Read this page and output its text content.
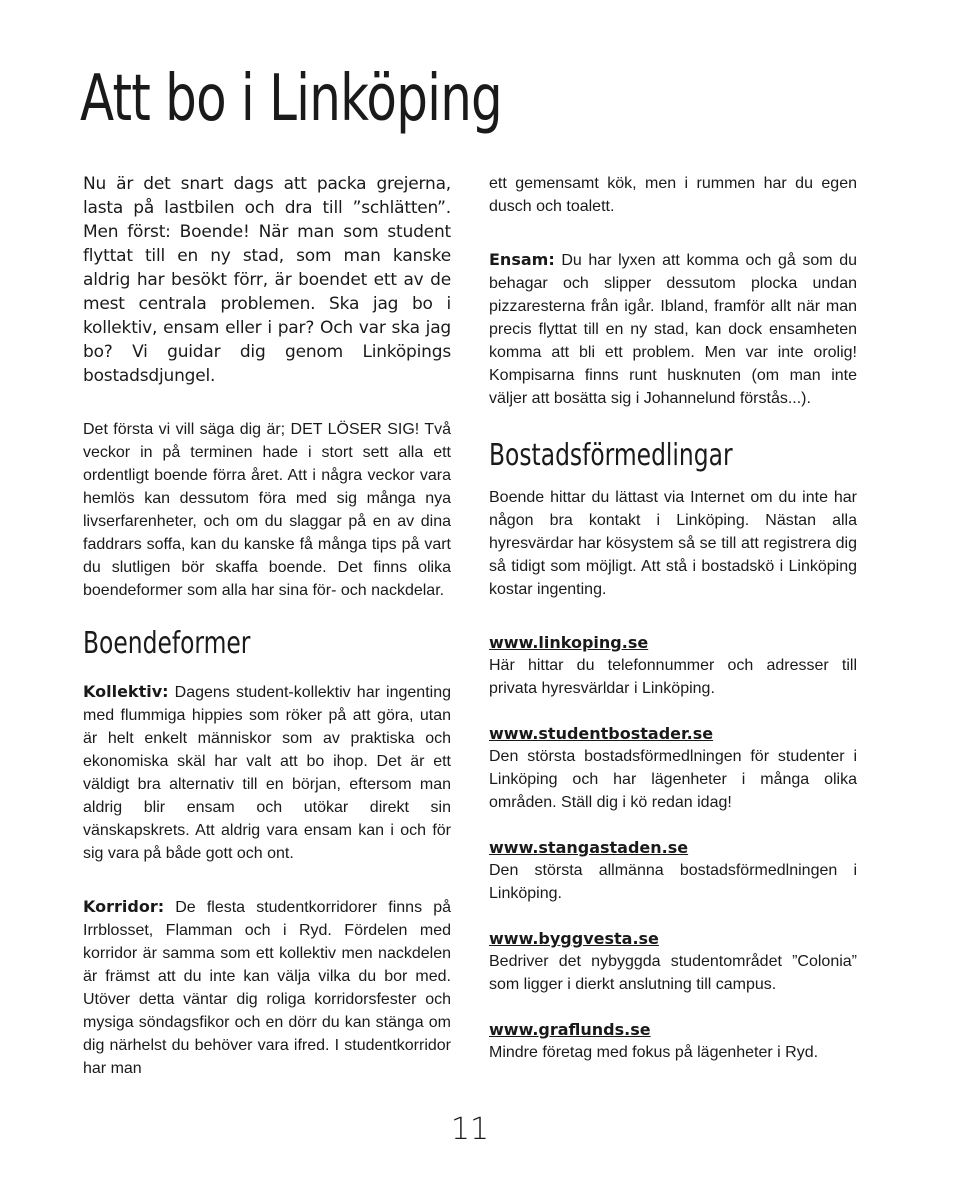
Att bo i Linköping

Nu är det snart dags att packa grejerna, lasta på lastbilen och dra till ”schlätten”. Men först: Boende! När man som student flyttat till en ny stad, som man kanske aldrig har besökt förr, är boendet ett av de mest centrala problemen. Ska jag bo i kollektiv, ensam eller i par? Och var ska jag bo? Vi guidar dig genom Linköpings bostadsdjungel.

Det första vi vill säga dig är; DET LÖSER SIG! Två veckor in på terminen hade i stort sett alla ett ordentligt boende förra året. Att i några veckor vara hemlös kan dessutom föra med sig många nya livserfarenheter, och om du slaggar på en av dina faddrars soffa, kan du kanske få många tips på vart du slutligen bör skaffa boende. Det finns olika boendeformer som alla har sina för- och nackdelar.

Boendeformer

Kollektiv: Dagens student-kollektiv har ingenting med flummiga hippies som röker på att göra, utan är helt enkelt människor som av praktiska och ekonomiska skäl har valt att bo ihop. Det är ett väldigt bra alternativ till en början, eftersom man aldrig blir ensam och utökar direkt sin vänskapskrets. Att aldrig vara ensam kan i och för sig vara på både gott och ont.

Korridor: De flesta studentkorridorer finns på Irrblosset, Flamman och i Ryd. Fördelen med korridor är samma som ett kollektiv men nackdelen är främst att du inte kan välja vilka du bor med. Utöver detta väntar dig roliga korridorsfester och mysiga söndagsfikor och en dörr du kan stänga om dig närhelst du behöver vara ifred. I studentkorridor har man

ett gemensamt kök, men i rummen har du egen dusch och toalett.

Ensam: Du har lyxen att komma och gå som du behagar och slipper dessutom plocka undan pizzaresterna från igår. Ibland, framför allt när man precis flyttat till en ny stad, kan dock ensamheten komma att bli ett problem. Men var inte orolig! Kompisarna finns runt husknuten (om man inte väljer att bosätta sig i Johannelund förstås...).

Bostadsförmedlingar

Boende hittar du lättast via Internet om du inte har någon bra kontakt i Linköping. Nästan alla hyresvärdar har kösystem så se till att registrera dig så tidigt som möjligt. Att stå i bostadskö i Linköping kostar ingenting.

www.linkoping.se

Här hittar du telefonnummer och adresser till privata hyresvärldar i Linköping.

www.studentbostader.se

Den största bostadsförmedlningen för studenter i Linköping och har lägenheter i många olika områden. Ställ dig i kö redan idag!

www.stangastaden.se

Den största allmänna bostadsförmedlningen i Linköping.

www.byggvesta.se

Bedriver det nybyggda studentområdet ”Colonia” som ligger i dierkt anslutning till campus.

www.graflunds.se

Mindre företag med fokus på lägenheter i Ryd.

11
